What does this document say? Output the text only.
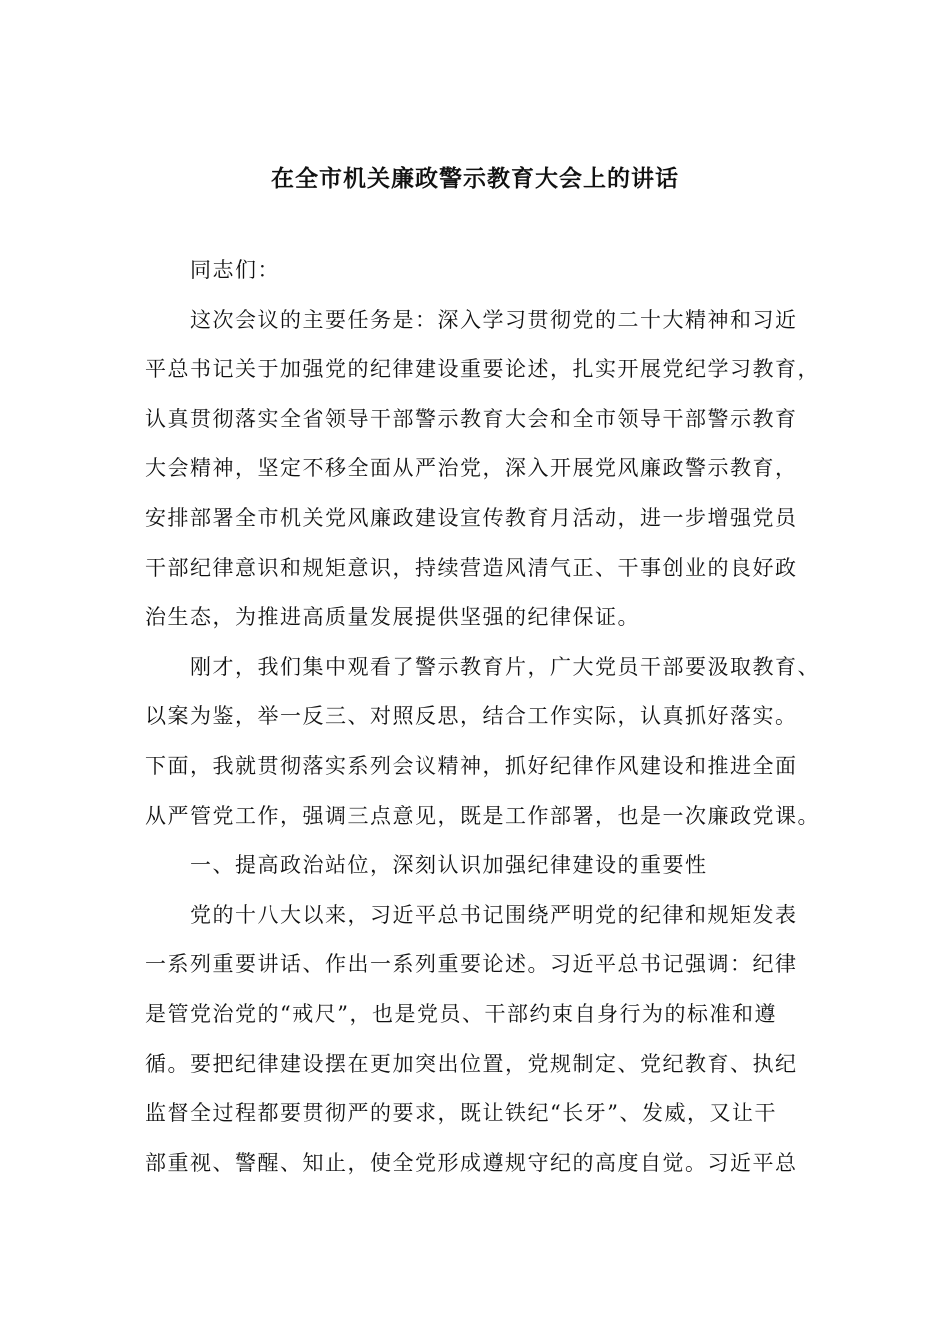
在全市机关廉政警示教育大会上的讲话
同志们：
这次会议的主要任务是：深入学习贯彻党的二十大精神和习近
平总书记关于加强党的纪律建设重要论述，扎实开展党纪学习教育，
认真贯彻落实全省领导干部警示教育大会和全市领导干部警示教育
大会精神，坚定不移全面从严治党，深入开展党风廉政警示教育，
安排部署全市机关党风廉政建设宣传教育月活动，进一步增强党员
干部纪律意识和规矩意识，持续营造风清气正、干事创业的良好政
治生态，为推进高质量发展提供坚强的纪律保证。
刚才，我们集中观看了警示教育片，广大党员干部要汲取教育、
以案为鉴，举一反三、对照反思，结合工作实际，认真抓好落实。
下面，我就贯彻落实系列会议精神，抓好纪律作风建设和推进全面
从严管党工作，强调三点意见，既是工作部署，也是一次廉政党课。
一、提高政治站位，深刻认识加强纪律建设的重要性
党的十八大以来，习近平总书记围绕严明党的纪律和规矩发表
一系列重要讲话、作出一系列重要论述。习近平总书记强调：纪律
是管党治党的“戒尺”，也是党员、干部约束自身行为的标准和遵
循。要把纪律建设摆在更加突出位置，党规制定、党纪教育、执纪
监督全过程都要贯彻严的要求，既让铁纪“长牙”、发威，又让干
部重视、警醒、知止，使全党形成遵规守纪的高度自觉。习近平总
